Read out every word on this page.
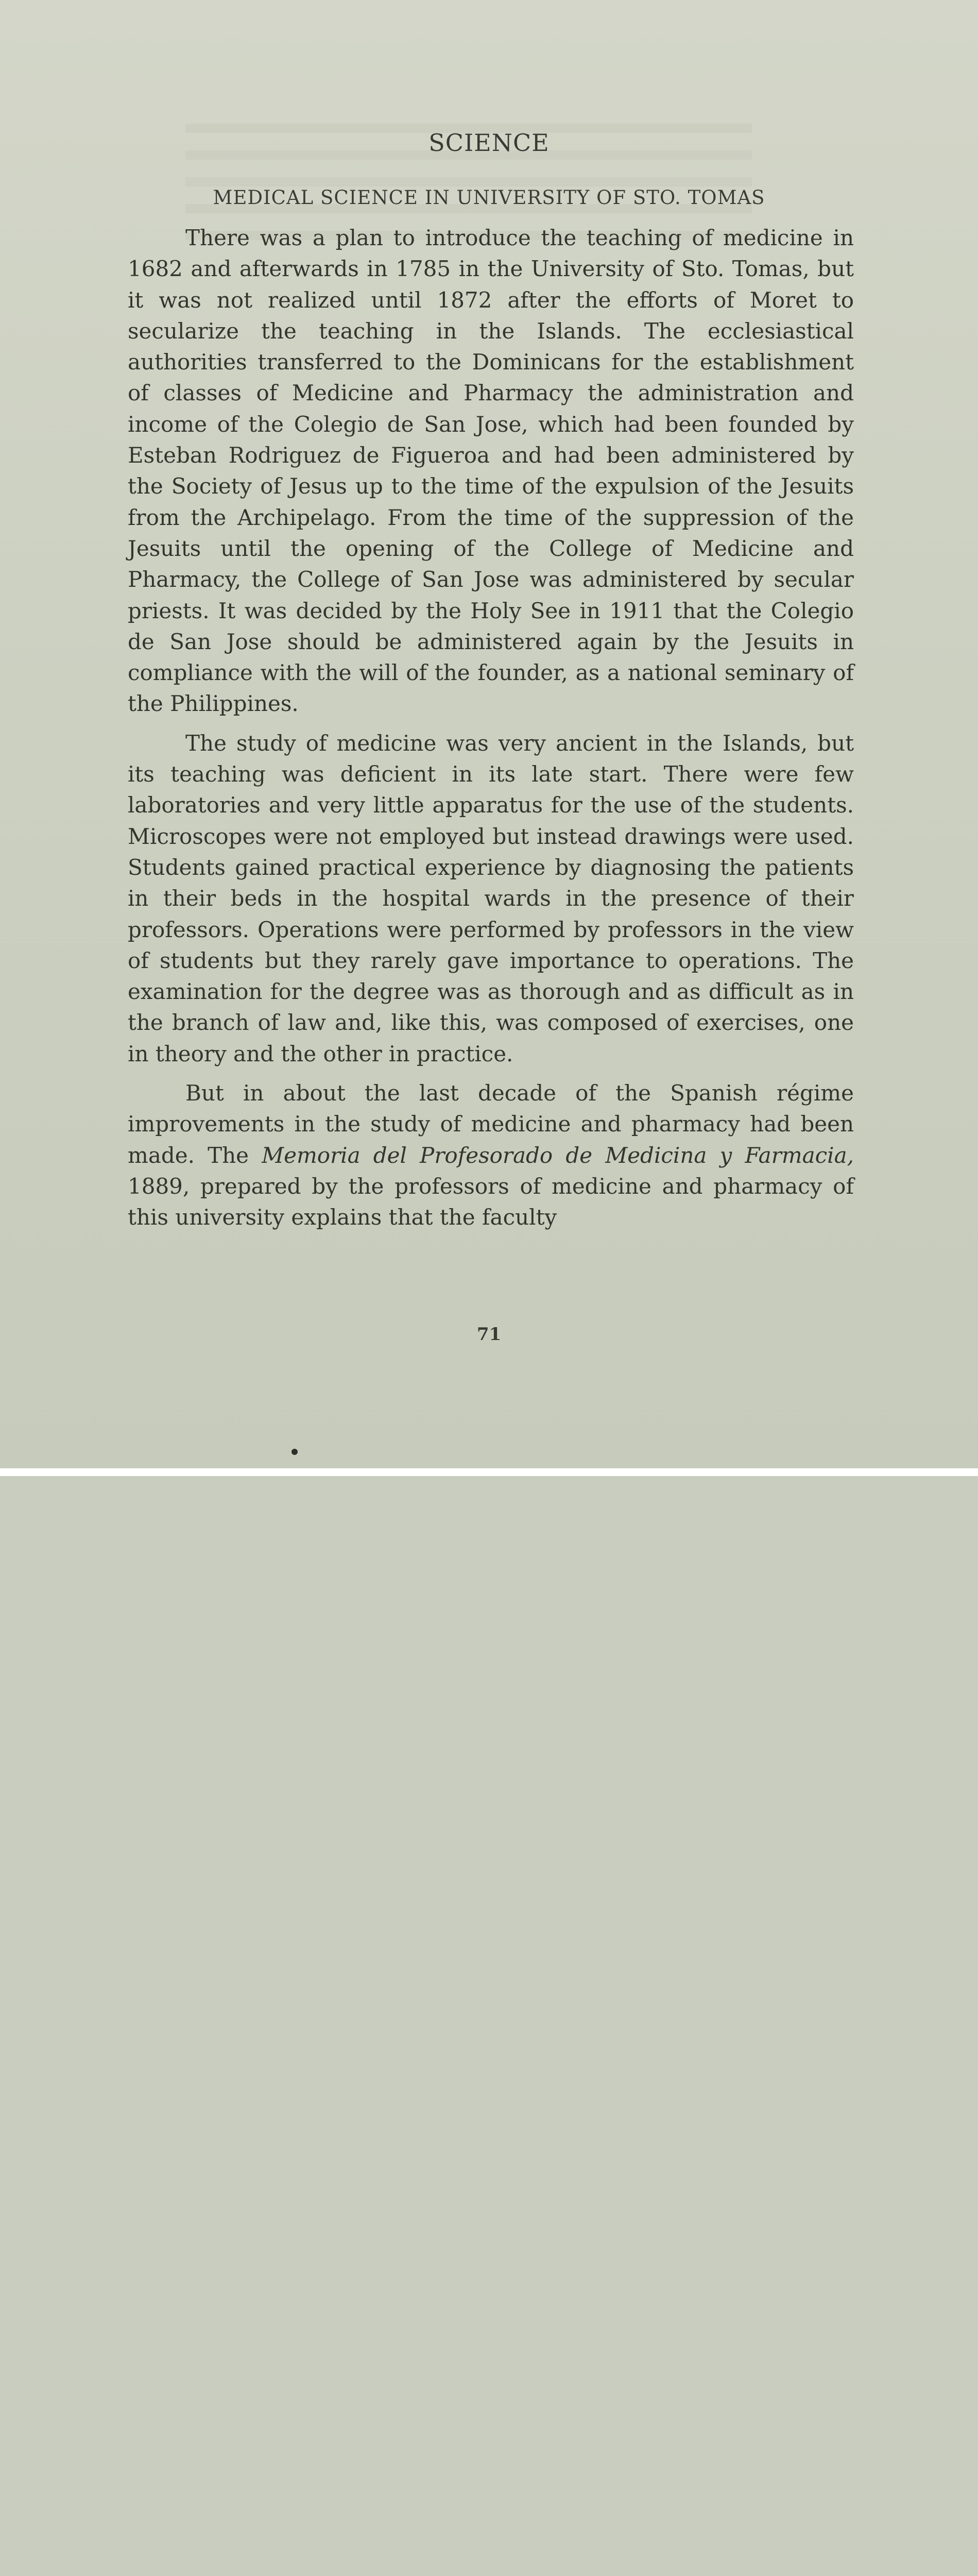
SCIENCE
MEDICAL SCIENCE IN UNIVERSITY OF STO. TOMAS

There was a plan to introduce the teaching of medicine in 1682 and afterwards in 1785 in the University of Sto. Tomas, but it was not realized until 1872 after the efforts of Moret to secularize the teaching in the Islands. The ecclesiastical authorities transferred to the Dominicans for the establishment of classes of Medicine and Pharmacy the administration and income of the Colegio de San Jose, which had been founded by Esteban Rodriguez de Figueroa and had been administered by the Society of Jesus up to the time of the expulsion of the Jesuits from the Archipelago. From the time of the suppression of the Jesuits until the opening of the College of Medicine and Pharmacy, the College of San Jose was administered by secular priests. It was decided by the Holy See in 1911 that the Colegio de San Jose should be administered again by the Jesuits in compliance with the will of the founder, as a national seminary of the Philippines.

The study of medicine was very ancient in the Islands, but its teaching was deficient in its late start. There were few laboratories and very little apparatus for the use of the students. Microscopes were not employed but instead drawings were used. Students gained practical experience by diagnosing the patients in their beds in the hospital wards in the presence of their professors. Operations were performed by professors in the view of students but they rarely gave importance to operations. The examination for the degree was as thorough and as difficult as in the branch of law and, like this, was composed of exercises, one in theory and the other in practice.

But in about the last decade of the Spanish régime improvements in the study of medicine and pharmacy had been made. The Memoria del Profesorado de Medicina y Farmacia, 1889, prepared by the professors of medicine and pharmacy of this university explains that the faculty

71
